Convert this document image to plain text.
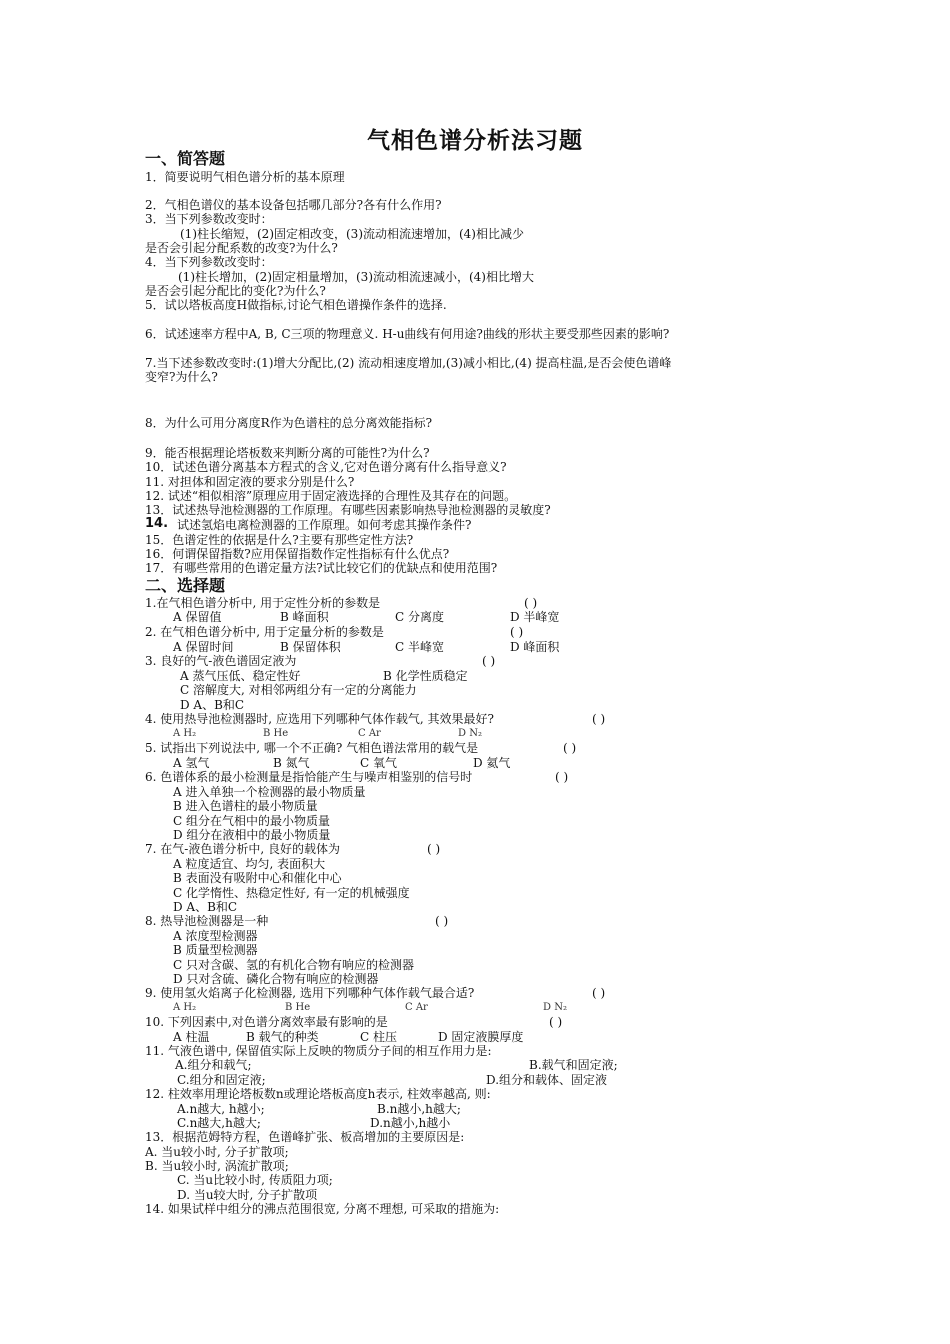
气相色谱分析法习题
一、简答题
1．简要说明气相色谱分析的基本原理
2．气相色谱仪的基本设备包括哪几部分?各有什么作用?
3．当下列参数改变时：
(1)柱长缩短，(2)固定相改变，(3)流动相流速增加，(4)相比减少
是否会引起分配系数的改变?为什么?
4．当下列参数改变时：
(1)柱长增加，(2)固定相量增加，(3)流动相流速减小，(4)相比增大
是否会引起分配比的变化?为什么?
5．试以塔板高度H做指标,讨论气相色谱操作条件的选择.
6．试述速率方程中A, B, C三项的物理意义. H-u曲线有何用途?曲线的形状主要受那些因素的影响?
7.当下述参数改变时:(1)增大分配比,(2) 流动相速度增加,(3)减小相比,(4) 提高柱温,是否会使色谱峰
变窄?为什么?
8．为什么可用分离度R作为色谱柱的总分离效能指标?
9．能否根据理论塔板数来判断分离的可能性?为什么?
10．试述色谱分离基本方程式的含义,它对色谱分离有什么指导意义?
11. 对担体和固定液的要求分别是什么?
12. 试述“相似相溶”原理应用于固定液选择的合理性及其存在的问题。
13．试述热导池检测器的工作原理。有哪些因素影响热导池检测器的灵敏度?
14. 试述氢焰电离检测器的工作原理。如何考虑其操作条件?
15．色谱定性的依据是什么?主要有那些定性方法?
16．何谓保留指数?应用保留指数作定性指标有什么优点?
17．有哪些常用的色谱定量方法?试比较它们的优缺点和使用范围?
二、选择题
1.在气相色谱分析中, 用于定性分析的参数是	( )
A 保留值	B 峰面积	C 分离度	D 半峰宽
2. 在气相色谱分析中, 用于定量分析的参数是	( )
A 保留时间	B 保留体积	C 半峰宽	D 峰面积
3. 良好的气-液色谱固定液为	( )
A 蒸气压低、稳定性好	B 化学性质稳定
C 溶解度大, 对相邻两组分有一定的分离能力
D A、B和C
4. 使用热导池检测器时, 应选用下列哪种气体作载气, 其效果最好?	( )
A H₂	B He	C Ar	D N₂
5. 试指出下列说法中, 哪一个不正确? 气相色谱法常用的载气是	( )
A 氢气	B 氮气	C 氧气	D 氦气
6. 色谱体系的最小检测量是指恰能产生与噪声相鉴别的信号时	( )
A 进入单独一个检测器的最小物质量
B 进入色谱柱的最小物质量
C 组分在气相中的最小物质量
D 组分在液相中的最小物质量
7. 在气-液色谱分析中, 良好的载体为	( )
A 粒度适宜、均匀, 表面积大
B 表面没有吸附中心和催化中心
C 化学惰性、热稳定性好, 有一定的机械强度
D A、B和C
8. 热导池检测器是一种	( )
A 浓度型检测器
B 质量型检测器
C 只对含碳、氢的有机化合物有响应的检测器
D 只对含硫、磷化合物有响应的检测器
9. 使用氢火焰离子化检测器, 选用下列哪种气体作载气最合适?	( )
A H₂	B He	C Ar	D N₂
10. 下列因素中,对色谱分离效率最有影响的是	( )
A 柱温	B 载气的种类	C 柱压	D 固定液膜厚度
11. 气液色谱中, 保留值实际上反映的物质分子间的相互作用力是:
A.组分和载气;	B.载气和固定液;
C.组分和固定液;	D.组分和载体、固定液
12. 柱效率用理论塔板数n或理论塔板高度h表示, 柱效率越高, 则:
A.n越大, h越小;	B.n越小,h越大;
C.n越大,h越大;	D.n越小,h越小
13．根据范姆特方程，色谱峰扩张、板高增加的主要原因是:
A. 当u较小时, 分子扩散项;
B. 当u较小时, 涡流扩散项;
C. 当u比较小时, 传质阻力项;
D. 当u较大时, 分子扩散项
14. 如果试样中组分的沸点范围很宽, 分离不理想, 可采取的措施为:
